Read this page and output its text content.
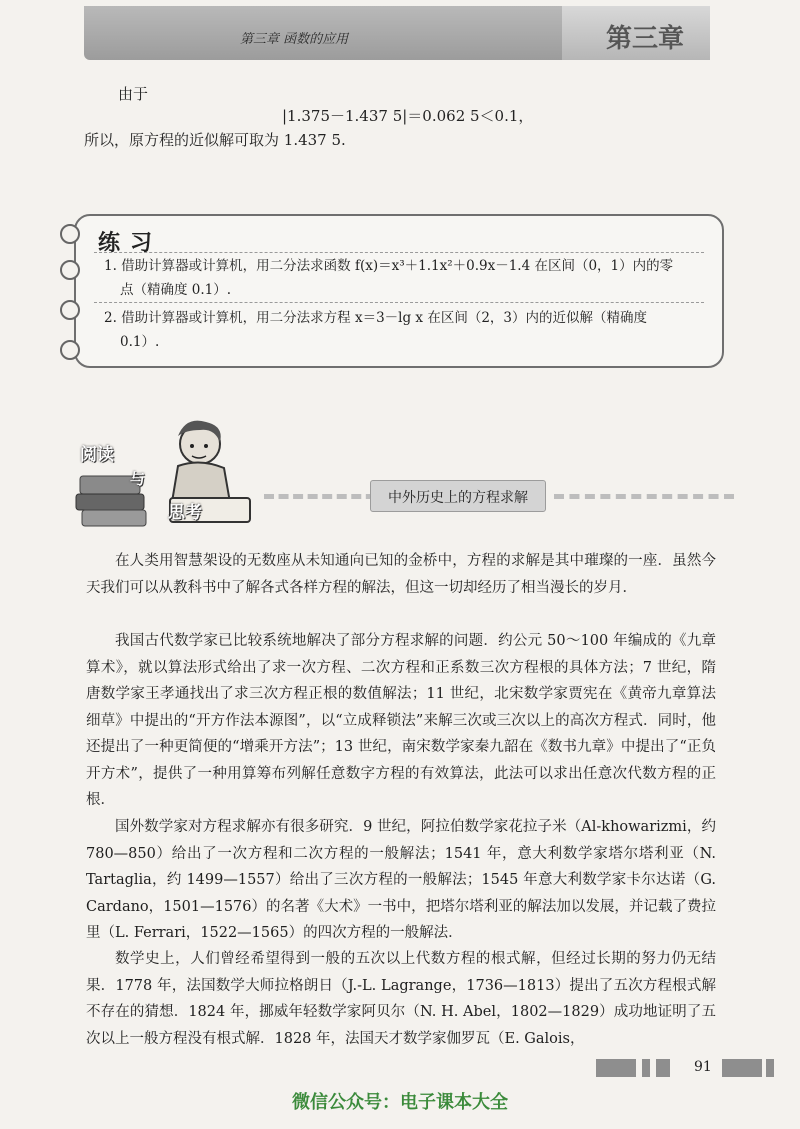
第三章 函数的应用	第三章
由于
|1.375－1.437 5|＝0.062 5＜0.1，
所以，原方程的近似解可取为 1.437 5.
练习
1. 借助计算器或计算机，用二分法求函数 f(x)＝x³＋1.1x²＋0.9x－1.4 在区间（0，1）内的零
点（精确度 0.1）.
2. 借助计算器或计算机，用二分法求方程 x＝3－lg x 在区间（2，3）内的近似解（精确度
0.1）.
阅读
与
思考
中外历史上的方程求解
在人类用智慧架设的无数座从未知通向已知的金桥中，方程的求解是其中璀璨的一座．虽然今天我们可以从教科书中了解各式各样方程的解法，但这一切却经历了相当漫长的岁月．
我国古代数学家已比较系统地解决了部分方程求解的问题．约公元 50～100 年编成的《九章算术》，就以算法形式给出了求一次方程、二次方程和正系数三次方程根的具体方法；7 世纪，隋唐数学家王孝通找出了求三次方程正根的数值解法；11 世纪，北宋数学家贾宪在《黄帝九章算法细草》中提出的“开方作法本源图”，以“立成释锁法”来解三次或三次以上的高次方程式．同时，他还提出了一种更简便的“增乘开方法”；13 世纪，南宋数学家秦九韶在《数书九章》中提出了“正负开方术”，提供了一种用算筹布列解任意数字方程的有效算法，此法可以求出任意次代数方程的正根．
国外数学家对方程求解亦有很多研究．9 世纪，阿拉伯数学家花拉子米（Al-khowarizmi，约 780—850）给出了一次方程和二次方程的一般解法；1541 年，意大利数学家塔尔塔利亚（N. Tartaglia，约 1499—1557）给出了三次方程的一般解法；1545 年意大利数学家卡尔达诺（G. Cardano，1501—1576）的名著《大术》一书中，把塔尔塔利亚的解法加以发展，并记载了费拉里（L. Ferrari，1522—1565）的四次方程的一般解法．
数学史上，人们曾经希望得到一般的五次以上代数方程的根式解，但经过长期的努力仍无结果．1778 年，法国数学大师拉格朗日（J.-L. Lagrange，1736—1813）提出了五次方程根式解不存在的猜想．1824 年，挪威年轻数学家阿贝尔（N. H. Abel，1802—1829）成功地证明了五次以上一般方程没有根式解．1828 年，法国天才数学家伽罗瓦（E. Galois，
91
微信公众号：电子课本大全
